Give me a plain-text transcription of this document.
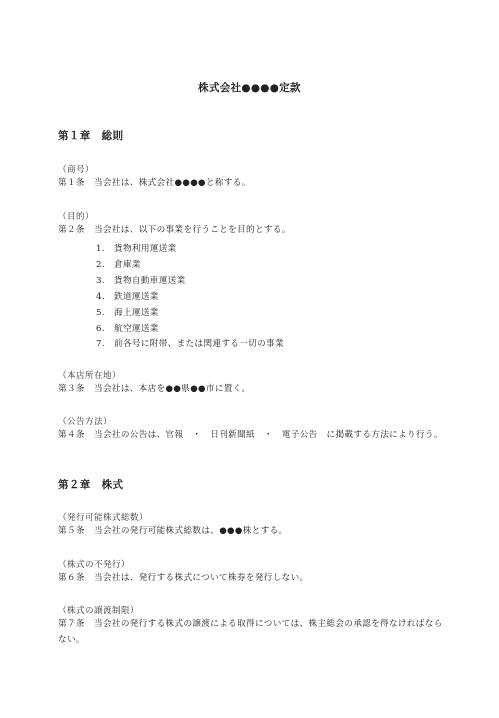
株式会社●●●●定款
第１章　総則
（商号）
第１条 当会社は、株式会社●●●●と称する。
（目的）
第２条 当会社は、以下の事業を行うことを目的とする。
1. 貨物利用運送業
2. 倉庫業
3. 貨物自動車運送業
4. 鉄道運送業
5. 海上運送業
6. 航空運送業
7. 前各号に附帯、または関連する一切の事業
（本店所在地）
第３条 当会社は、本店を●●県●●市に置く。
（公告方法）
第４条 当会社の公告は、官報　・　日刊新聞紙　・　電子公告　に掲載する方法により行う。
第２章　株式
（発行可能株式総数）
第５条 当会社の発行可能株式総数は、●●●株とする。
（株式の不発行）
第６条 当会社は、発行する株式について株券を発行しない。
（株式の譲渡制限）
第７条 当会社の発行する株式の譲渡による取得については、株主総会の承認を得なければならない。
